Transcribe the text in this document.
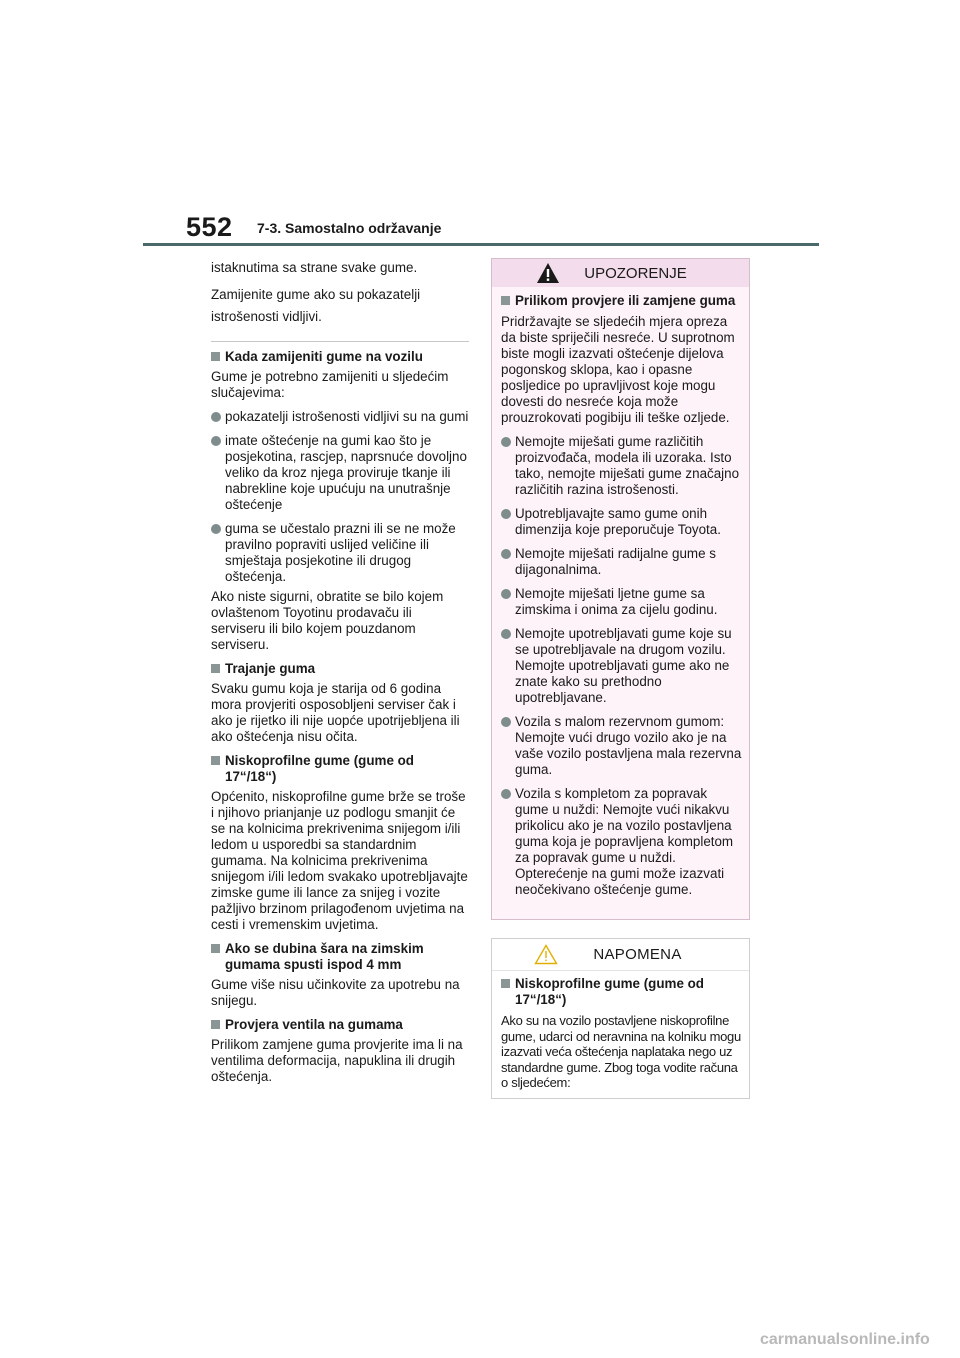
552 7-3. Samostalno održavanje

istaknutima sa strane svake gume.

Zamijenite gume ako su pokazatelji istrošenosti vidljivi.

Kada zamijeniti gume na vozilu
Gume je potrebno zamijeniti u sljedećim slučajevima:
pokazatelji istrošenosti vidljivi su na gumi
imate oštećenje na gumi kao što je posjekotina, rascjep, naprsnuće dovoljno veliko da kroz njega proviruje tkanje ili nabrekline koje upućuju na unutrašnje oštećenje
guma se učestalo prazni ili se ne može pravilno popraviti uslijed veličine ili smještaja posjekotine ili drugog oštećenja.
Ako niste sigurni, obratite se bilo kojem ovlaštenom Toyotinu prodavaču ili serviseru ili bilo kojem pouzdanom serviseru.
Trajanje guma
Svaku gumu koja je starija od 6 godina mora provjeriti osposobljeni serviser čak i ako je rijetko ili nije uopće upotrijebljena ili ako oštećenja nisu očita.
Niskoprofilne gume (gume od 17“/18“)
Općenito, niskoprofilne gume brže se troše i njihovo prianjanje uz podlogu smanjit će se na kolnicima prekrivenima snijegom i/ili ledom u usporedbi sa standardnim gumama. Na kolnicima prekrivenima snijegom i/ili ledom svakako upotrebljavajte zimske gume ili lance za snijeg i vozite pažljivo brzinom prilagođenom uvjetima na cesti i vremenskim uvjetima.
Ako se dubina šara na zimskim gumama spusti ispod 4 mm
Gume više nisu učinkovite za upotrebu na snijegu.
Provjera ventila na gumama
Prilikom zamjene guma provjerite ima li na ventilima deformacija, napuklina ili drugih oštećenja.
UPOZORENJE
Prilikom provjere ili zamjene guma
Pridržavajte se sljedećih mjera opreza da biste spriječili nesreće. U suprotnom biste mogli izazvati oštećenje dijelova pogonskog sklopa, kao i opasne posljedice po upravljivost koje mogu dovesti do nesreće koja može prouzrokovati pogibiju ili teške ozljede.
Nemojte miješati gume različitih proizvođača, modela ili uzoraka. Isto tako, nemojte miješati gume značajno različitih razina istrošenosti.
Upotrebljavajte samo gume onih dimenzija koje preporučuje Toyota.
Nemojte miješati radijalne gume s dijagonalnima.
Nemojte miješati ljetne gume sa zimskima i onima za cijelu godinu.
Nemojte upotrebljavati gume koje su se upotrebljavale na drugom vozilu. Nemojte upotrebljavati gume ako ne znate kako su prethodno upotrebljavane.
Vozila s malom rezervnom gumom: Nemojte vući drugo vozilo ako je na vaše vozilo postavljena mala rezervna guma.
Vozila s kompletom za popravak gume u nuždi: Nemojte vući nikakvu prikolicu ako je na vozilo postavljena guma koja je popravljena kompletom za popravak gume u nuždi. Opterećenje na gumi može izazvati neočekivano oštećenje gume.
NAPOMENA
Niskoprofilne gume (gume od 17“/18“)

Ako su na vozilo postavljene niskoprofilne gume, udarci od neravnina na kolniku mogu izazvati veća oštećenja naplataka nego uz standardne gume. Zbog toga vodite računa o sljedećem:

carmanualsonline.info
